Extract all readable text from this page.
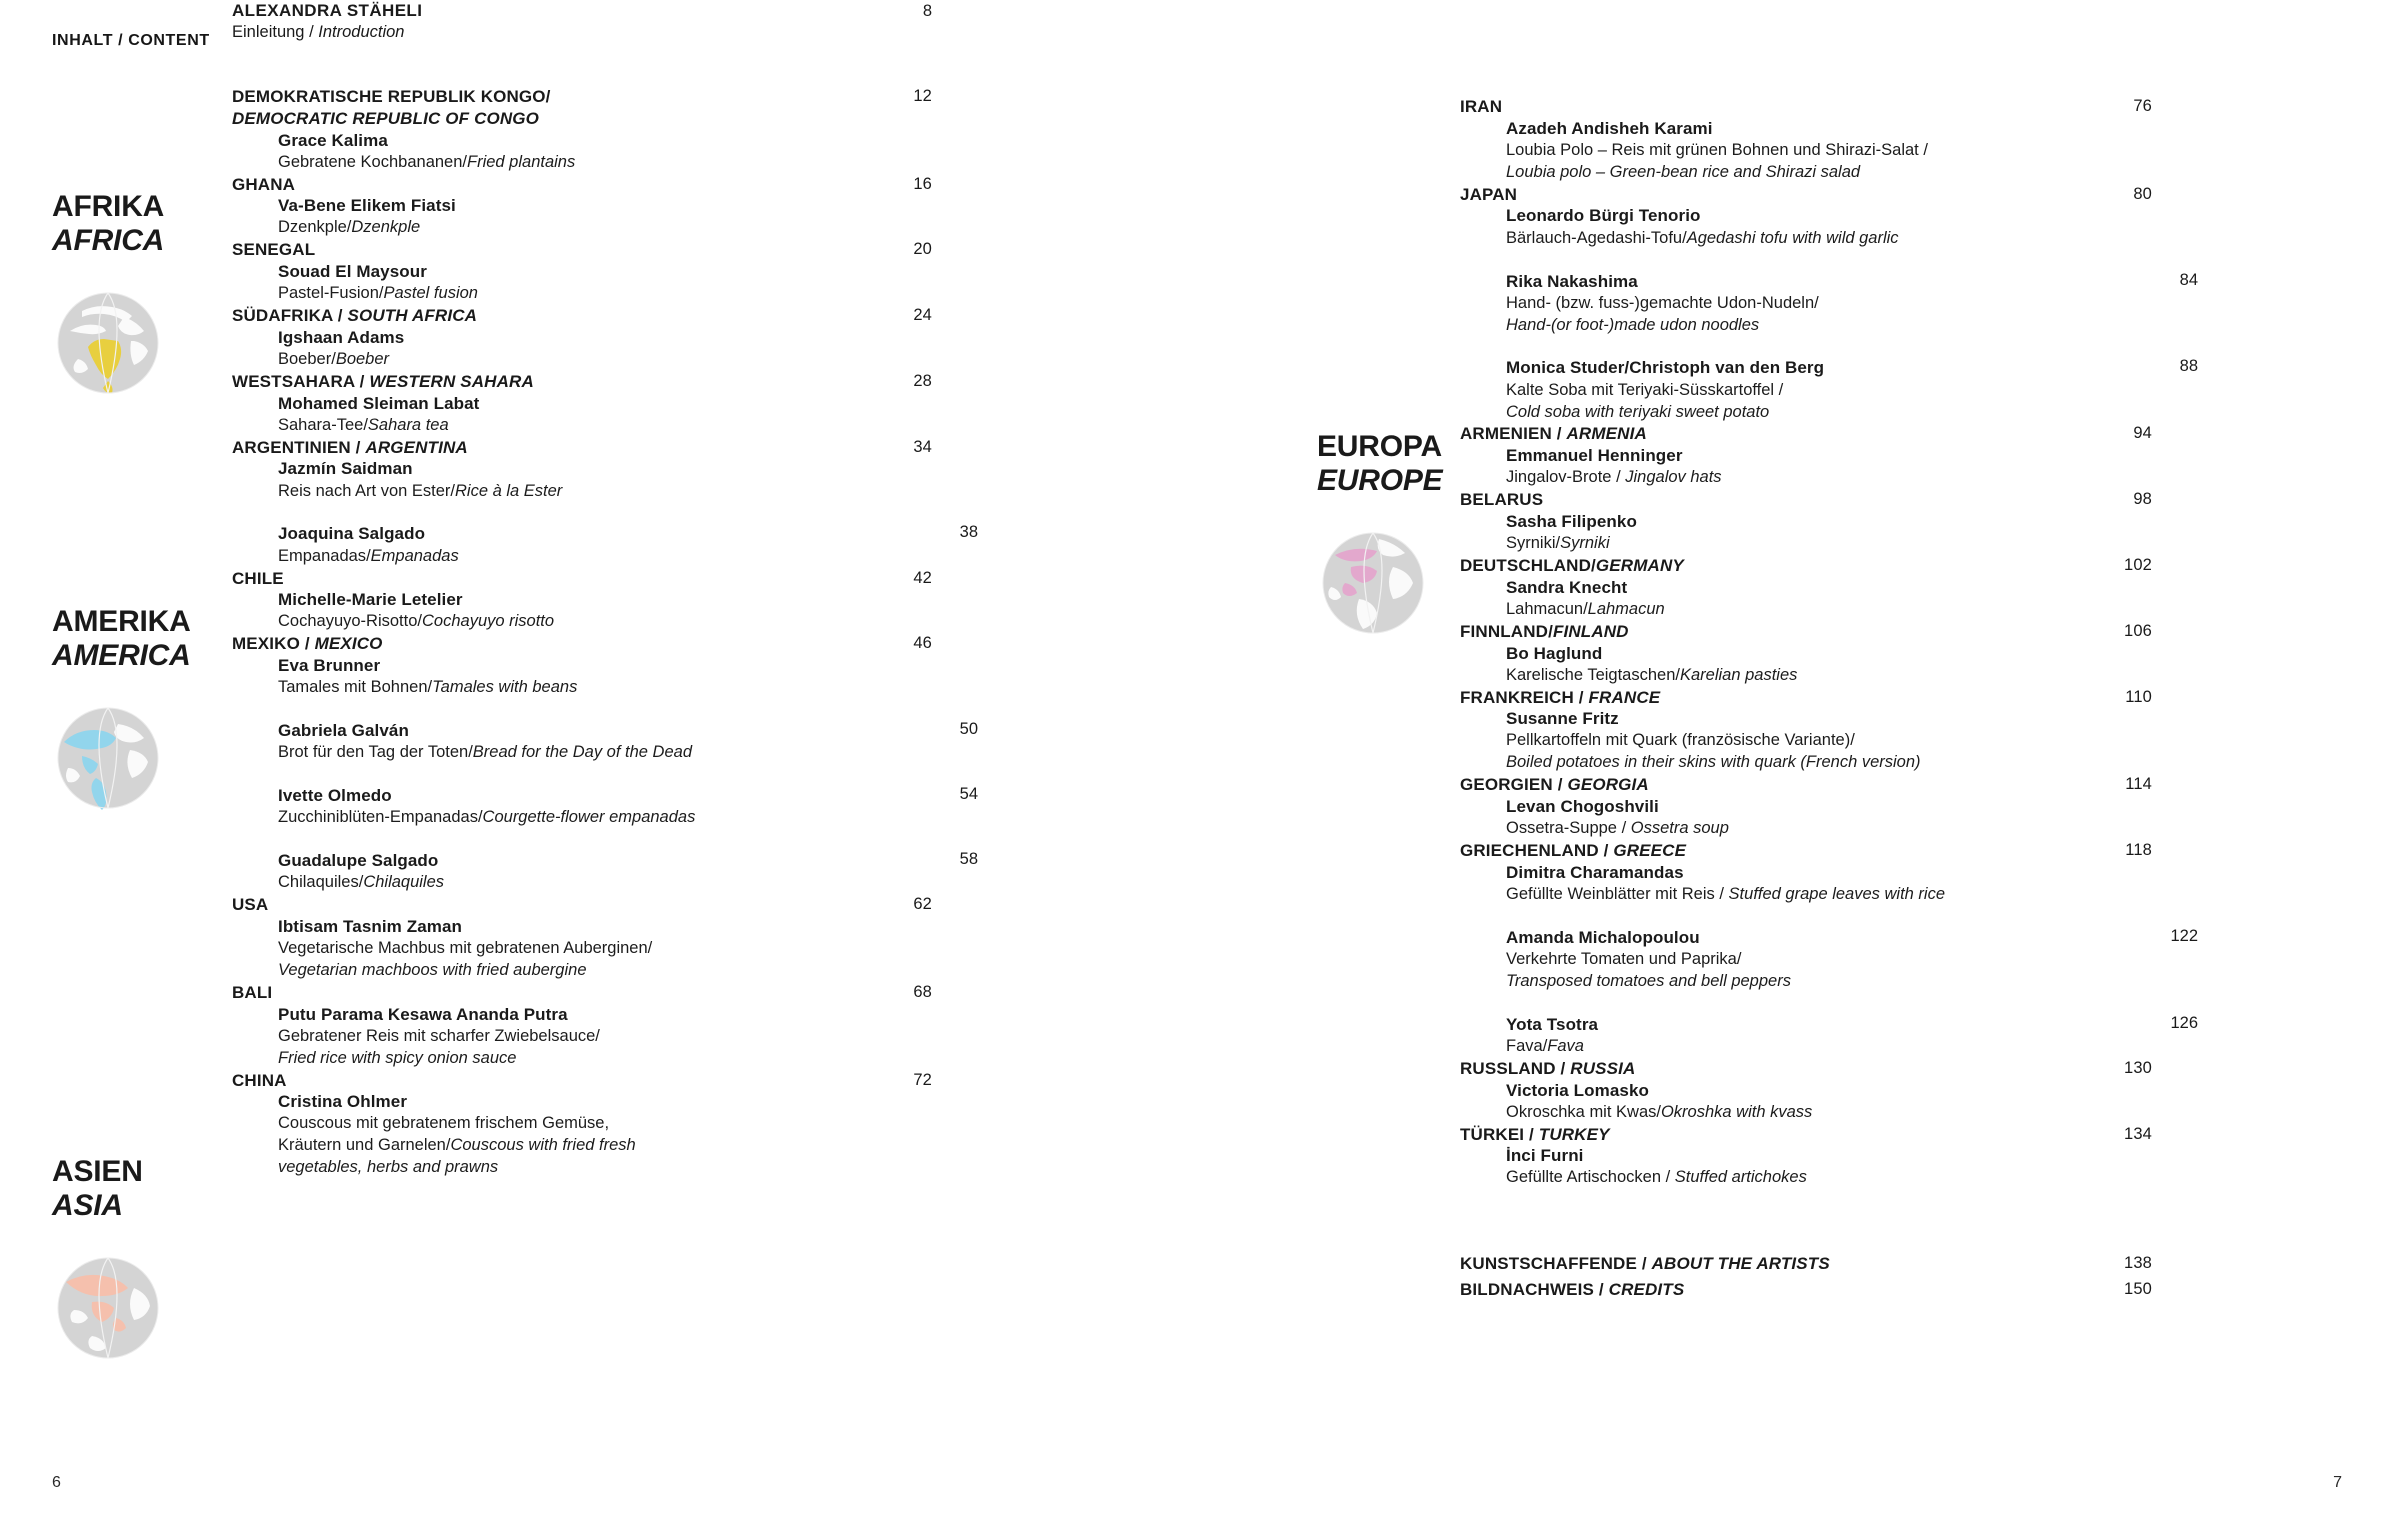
INHALT / CONTENT
AFRIKA
AFRICA
AMERIKA
AMERICA
ASIEN
ASIA
8
ALEXANDRA STÄHELI
Einleitung / Introduction
12
DEMOKRATISCHE REPUBLIK KONGO/
DEMOCRATIC REPUBLIC OF CONGO
Grace Kalima
Gebratene Kochbananen/Fried plantains
16
GHANA
Va-Bene Elikem Fiatsi
Dzenkple/Dzenkple
20
SENEGAL
Souad El Maysour
Pastel-Fusion/Pastel fusion
24
SÜDAFRIKA / SOUTH AFRICA
Igshaan Adams
Boeber/Boeber
28
WESTSAHARA / WESTERN SAHARA
Mohamed Sleiman Labat
Sahara-Tee/Sahara tea
34
ARGENTINIEN / ARGENTINA
Jazmín Saidman
Reis nach Art von Ester/Rice à la Ester
38
Joaquina Salgado
Empanadas/Empanadas
42
CHILE
Michelle-Marie Letelier
Cochayuyo-Risotto/Cochayuyo risotto
46
MEXIKO / MEXICO
Eva Brunner
Tamales mit Bohnen/Tamales with beans
50
Gabriela Galván
Brot für den Tag der Toten/Bread for the Day of the Dead
54
Ivette Olmedo
Zucchiniblüten-Empanadas/Courgette-flower empanadas
58
Guadalupe Salgado
Chilaquiles/Chilaquiles
62
USA
Ibtisam Tasnim Zaman
Vegetarische Machbus mit gebratenen Auberginen/
Vegetarian machboos with fried aubergine
68
BALI
Putu Parama Kesawa Ananda Putra
Gebratener Reis mit scharfer Zwiebelsauce/
Fried rice with spicy onion sauce
72
CHINA
Cristina Ohlmer
Couscous mit gebratenem frischem Gemüse, Kräutern und Garnelen/Couscous with fried fresh vegetables, herbs and prawns
6
EUROPA
EUROPE
76
IRAN
Azadeh Andisheh Karami
Loubia Polo – Reis mit grünen Bohnen und Shirazi-Salat /
Loubia polo – Green-bean rice and Shirazi salad
80
JAPAN
Leonardo Bürgi Tenorio
Bärlauch-Agedashi-Tofu/Agedashi tofu with wild garlic
84
Rika Nakashima
Hand- (bzw. fuss-)gemachte Udon-Nudeln/
Hand-(or foot-)made udon noodles
88
Monica Studer/Christoph van den Berg
Kalte Soba mit Teriyaki-Süsskartoffel /
Cold soba with teriyaki sweet potato
94
ARMENIEN / ARMENIA
Emmanuel Henninger
Jingalov-Brote / Jingalov hats
98
BELARUS
Sasha Filipenko
Syrniki/Syrniki
102
DEUTSCHLAND/GERMANY
Sandra Knecht
Lahmacun/Lahmacun
106
FINNLAND/FINLAND
Bo Haglund
Karelische Teigtaschen/Karelian pasties
110
FRANKREICH / FRANCE
Susanne Fritz
Pellkartoffeln mit Quark (französische Variante)/
Boiled potatoes in their skins with quark (French version)
114
GEORGIEN / GEORGIA
Levan Chogoshvili
Ossetra-Suppe / Ossetra soup
118
GRIECHENLAND / GREECE
Dimitra Charamandas
Gefüllte Weinblätter mit Reis / Stuffed grape leaves with rice
122
Amanda Michalopoulou
Verkehrte Tomaten und Paprika/
Transposed tomatoes and bell peppers
126
Yota Tsotra
Fava/Fava
130
RUSSLAND / RUSSIA
Victoria Lomasko
Okroschka mit Kwas/Okroshka with kvass
134
TÜRKEI / TURKEY
İnci Furni
Gefüllte Artischocken / Stuffed artichokes
138
KUNSTSCHAFFENDE / ABOUT THE ARTISTS
150
BILDNACHWEIS / CREDITS
7
